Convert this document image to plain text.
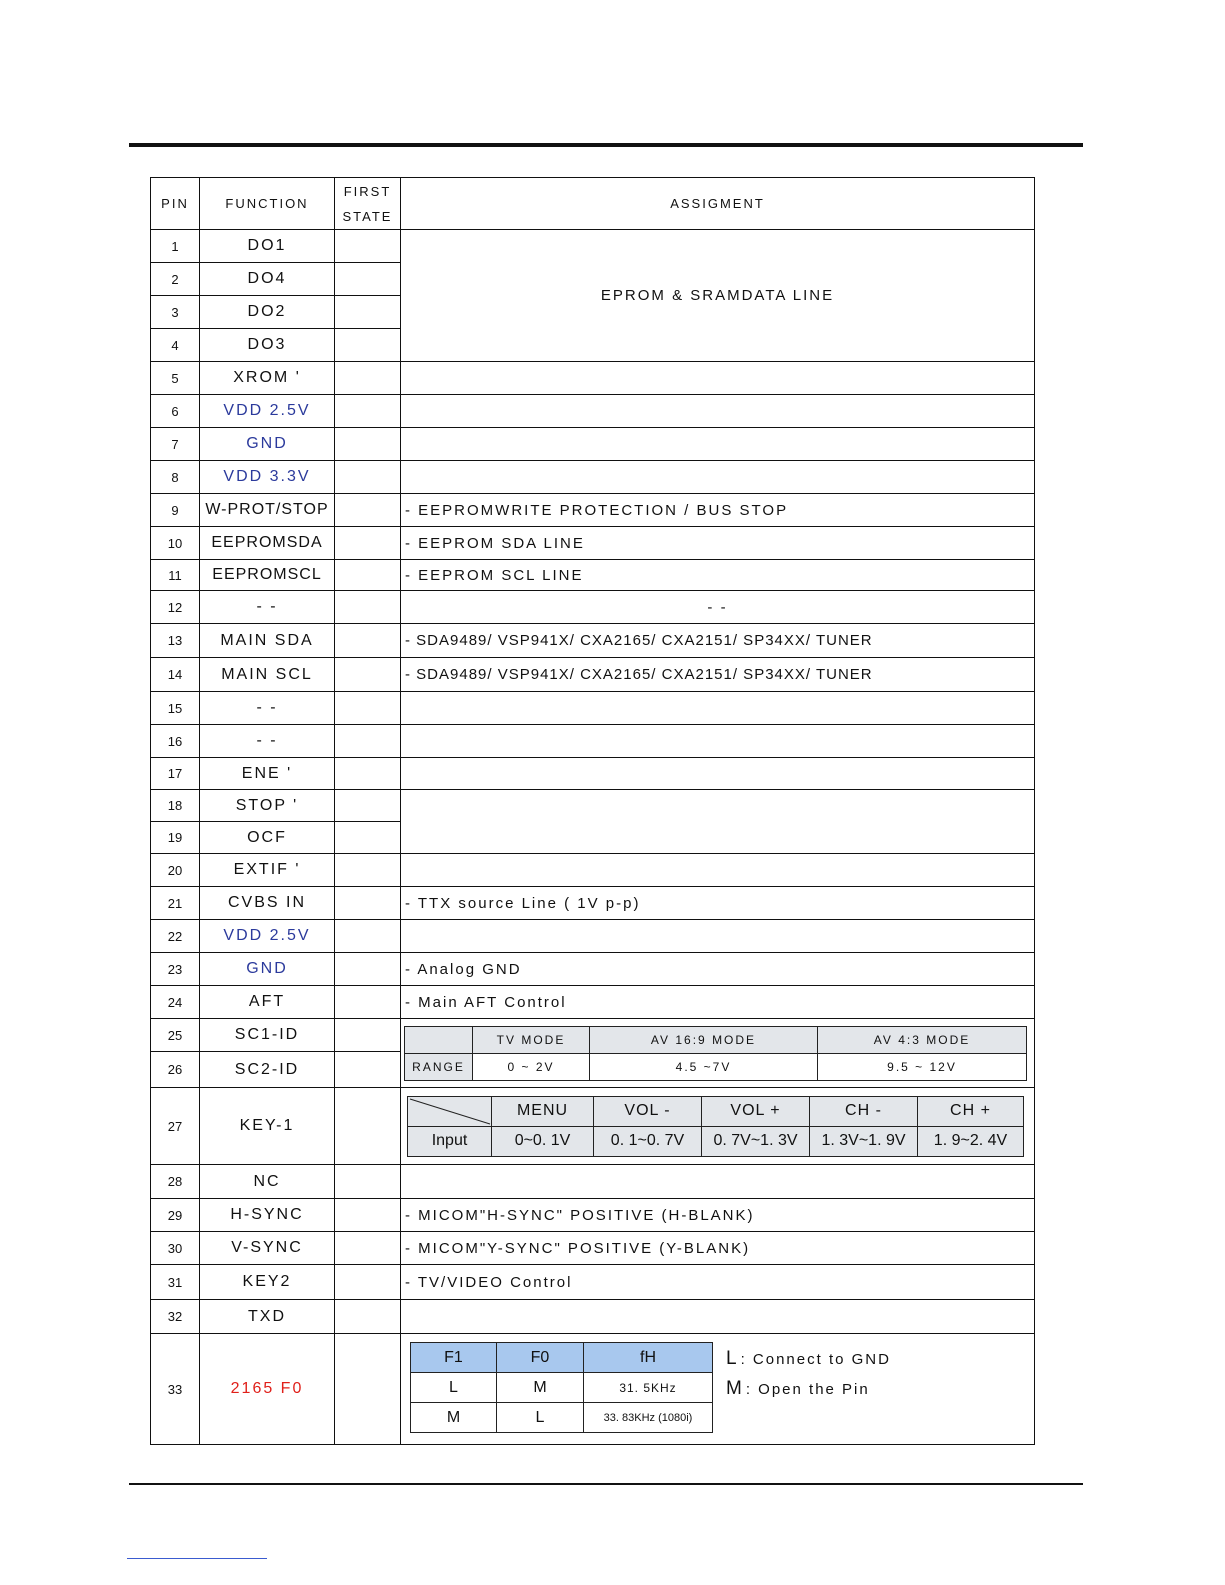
PIN	FUNCTION	FIRST
STATE	ASSIGMENT
1	DO1		EPROM & SRAMDATA LINE
2	DO4	
3	DO2	
4	DO3	
5	XROM '		
6	VDD 2.5V		
7	GND		
8	VDD 3.3V		
9	W-PROT/STOP		- EEPROMWRITE PROTECTION / BUS STOP
10	EEPROMSDA		- EEPROM SDA LINE
11	EEPROMSCL		- EEPROM SCL LINE
12	- -		- -
13	MAIN SDA		- SDA9489/ VSP941X/ CXA2165/ CXA2151/ SP34XX/ TUNER
14	MAIN SCL		- SDA9489/ VSP941X/ CXA2165/ CXA2151/ SP34XX/ TUNER
15	- -		
16	- -		
17	ENE '		
18	STOP '		
19	OCF	
20	EXTIF '		
21	CVBS IN		- TTX source Line ( 1V p-p)
22	VDD 2.5V		
23	GND		- Analog GND
24	AFT		- Main AFT Control
25	SC1-ID		
		TV MODE	AV 16:9 MODE	AV 4:3 MODE
RANGE	0 ~ 2V	4.5 ~7V	9.5 ~ 12V

26	SC2-ID	
27	KEY-1		
	MENU	VOL -	VOL +	CH -	CH +
Input	0~0. 1V	0. 1~0. 7V	0. 7V~1. 3V	1. 3V~1. 9V	1. 9~2. 4V

28	NC		
29	H-SYNC		- MICOM"H-SYNC" POSITIVE (H-BLANK)
30	V-SYNC		- MICOM"Y-SYNC" POSITIVE (Y-BLANK)
31	KEY2		- TV/VIDEO Control
32	TXD		
33	2165 F0		
F1	F0	fH
L	M	31. 5KHz
M	L	33. 83KHz (1080i)
L : Connect to GND
M : Open the Pin
